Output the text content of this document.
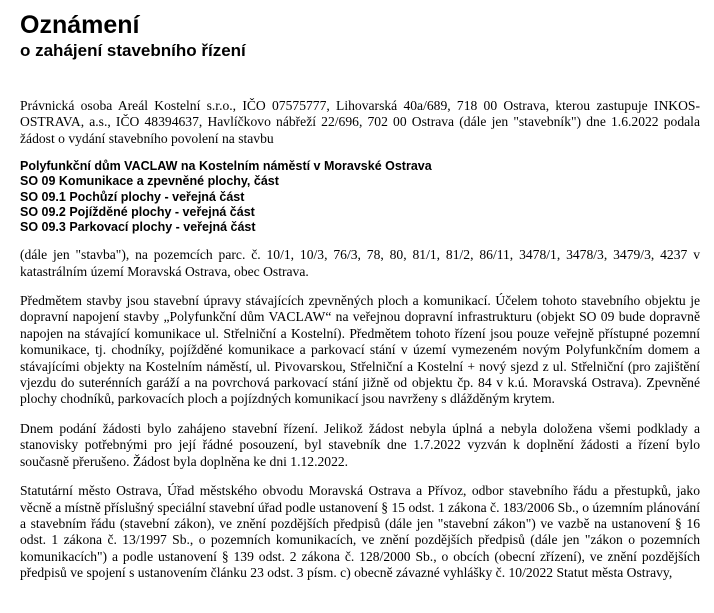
Oznámení
o zahájení stavebního řízení

Právnická osoba Areál Kostelní s.r.o., IČO 07575777, Lihovarská 40a/689, 718 00 Ostrava, kterou zastupuje INKOS-OSTRAVA, a.s., IČO 48394637, Havlíčkovo nábřeží 22/696, 702 00 Ostrava (dále jen "stavebník") dne 1.6.2022 podala žádost o vydání stavebního povolení na stavbu

Polyfunkční dům VACLAW na Kostelním náměstí v Moravské Ostrava
SO 09 Komunikace a zpevněné plochy, část
SO 09.1 Pochůzí plochy - veřejná část
SO 09.2 Pojížděné plochy - veřejná část
SO 09.3 Parkovací plochy - veřejná část

(dále jen "stavba"), na pozemcích parc. č. 10/1, 10/3, 76/3, 78, 80, 81/1, 81/2, 86/11, 3478/1, 3478/3, 3479/3, 4237 v katastrálním území Moravská Ostrava, obec Ostrava.

Předmětem stavby jsou stavební úpravy stávajících zpevněných ploch a komunikací. Účelem tohoto stavebního objektu je dopravní napojení stavby „Polyfunkční dům VACLAW“ na veřejnou dopravní infrastrukturu (objekt SO 09 bude dopravně napojen na stávající komunikace ul. Střelniční a Kostelní). Předmětem tohoto řízení jsou pouze veřejně přístupné pozemní komunikace, tj. chodníky, pojížděné komunikace a parkovací stání v území vymezeném novým Polyfunkčním domem a stávajícími objekty na Kostelním náměstí, ul. Pivovarskou, Střelniční a Kostelní + nový sjezd z ul. Střelniční (pro zajištění vjezdu do suterénních garáží a na povrchová parkovací stání jižně od objektu čp. 84 v k.ú. Moravská Ostrava). Zpevněné plochy chodníků, parkovacích ploch a pojízdných komunikací jsou navrženy s dlážděným krytem.

Dnem podání žádosti bylo zahájeno stavební řízení. Jelikož žádost nebyla úplná a nebyla doložena všemi podklady a stanovisky potřebnými pro její řádné posouzení, byl stavebník dne 1.7.2022 vyzván k doplnění žádosti a řízení bylo současně přerušeno. Žádost byla doplněna ke dni 1.12.2022.

Statutární město Ostrava, Úřad městského obvodu Moravská Ostrava a Přívoz, odbor stavebního řádu a přestupků, jako věcně a místně příslušný speciální stavební úřad podle ustanovení § 15 odst. 1 zákona č. 183/2006 Sb., o územním plánování a stavebním řádu (stavební zákon), ve znění pozdějších předpisů (dále jen "stavební zákon") ve vazbě na ustanovení § 16 odst. 1 zákona č. 13/1997 Sb., o pozemních komunikacích, ve znění pozdějších předpisů (dále jen "zákon o pozemních komunikacích") a podle ustanovení § 139 odst. 2 zákona č. 128/2000 Sb., o obcích (obecní zřízení), ve znění pozdějších předpisů ve spojení s ustanovením článku 23 odst. 3 písm. c) obecně závazné vyhlášky č. 10/2022 Statut města Ostravy,
